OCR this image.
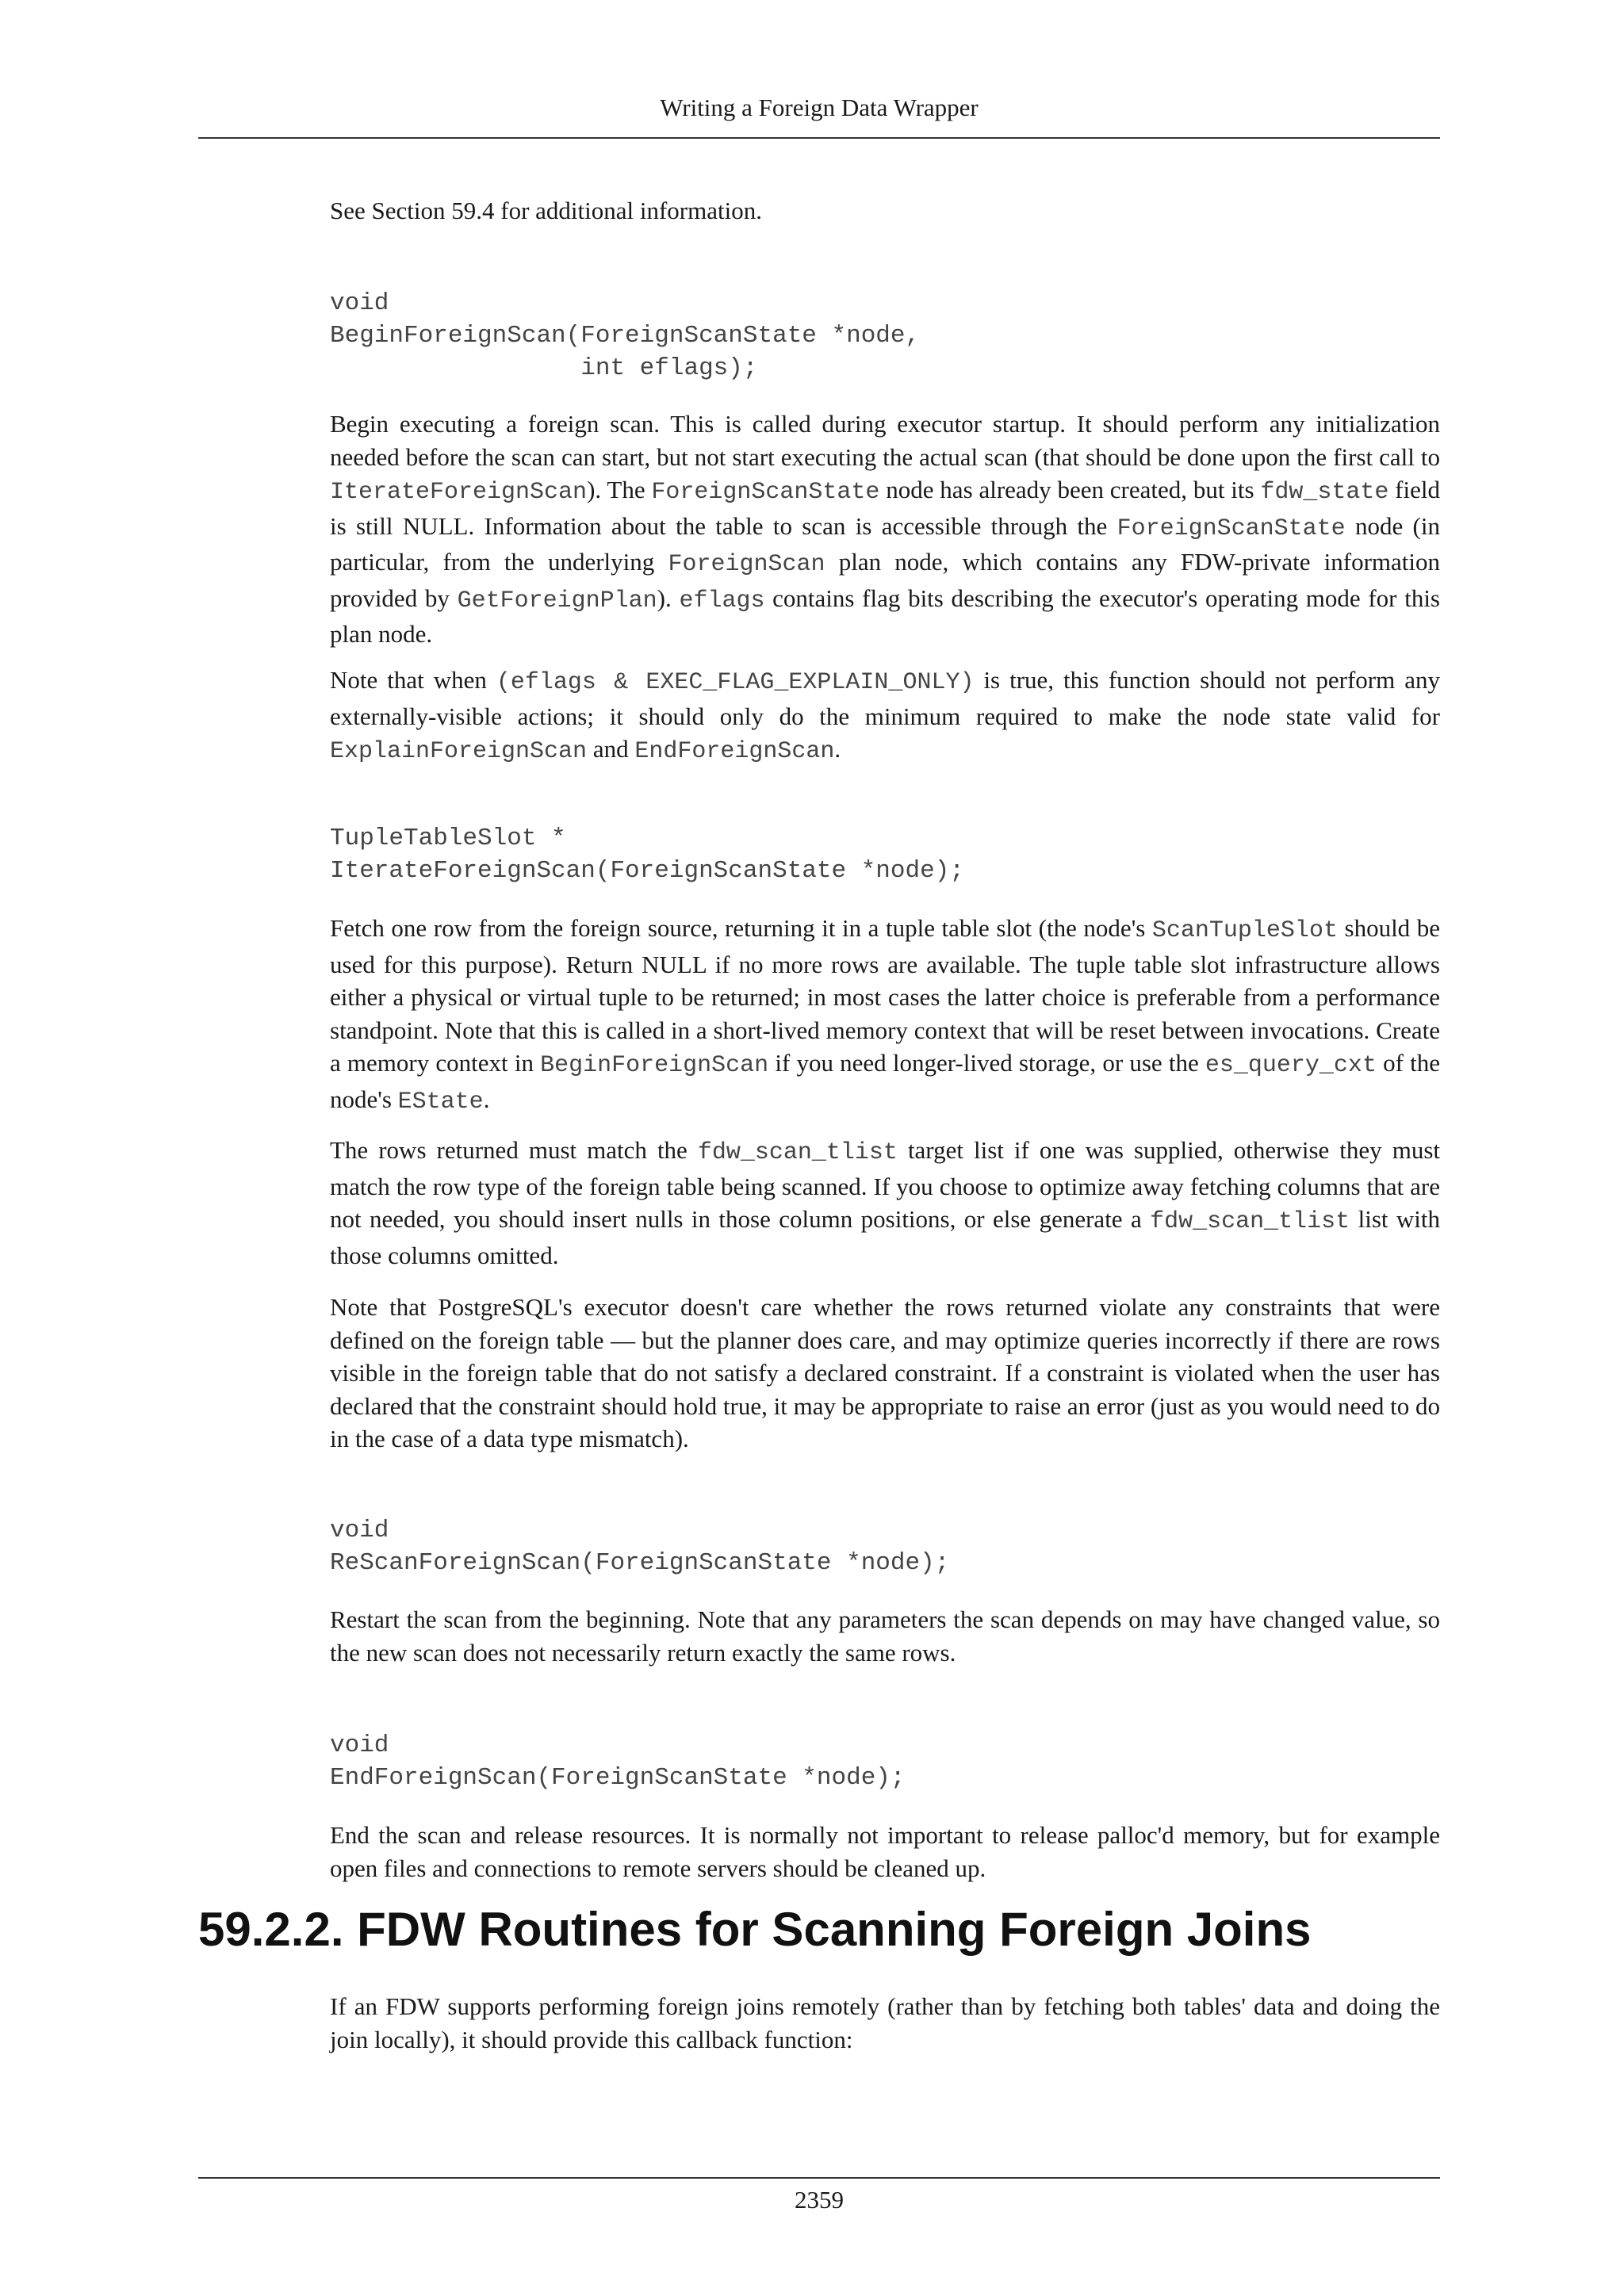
Writing a Foreign Data Wrapper

See Section 59.4 for additional information.

void
BeginForeignScan(ForeignScanState *node,
int eflags);

Begin executing a foreign scan. This is called during executor startup. It should perform any initialization needed before the scan can start, but not start executing the actual scan (that should be done upon the first call to IterateForeignScan). The ForeignScanState node has already been created, but its fdw_state field is still NULL. Information about the table to scan is accessible through the ForeignScanState node (in particular, from the underlying ForeignScan plan node, which contains any FDW-private information provided by GetForeignPlan). eflags contains flag bits describing the executor's operating mode for this plan node.

Note that when (eflags & EXEC_FLAG_EXPLAIN_ONLY) is true, this function should not perform any externally-visible actions; it should only do the minimum required to make the node state valid for ExplainForeignScan and EndForeignScan.

TupleTableSlot *
IterateForeignScan(ForeignScanState *node);

Fetch one row from the foreign source, returning it in a tuple table slot (the node's ScanTupleSlot should be used for this purpose). Return NULL if no more rows are available. The tuple table slot infrastructure allows either a physical or virtual tuple to be returned; in most cases the latter choice is preferable from a performance standpoint. Note that this is called in a short-lived memory context that will be reset between invocations. Create a memory context in BeginForeignScan if you need longer-lived storage, or use the es_query_cxt of the node's EState.

The rows returned must match the fdw_scan_tlist target list if one was supplied, otherwise they must match the row type of the foreign table being scanned. If you choose to optimize away fetching columns that are not needed, you should insert nulls in those column positions, or else generate a fdw_scan_tlist list with those columns omitted.

Note that PostgreSQL's executor doesn't care whether the rows returned violate any constraints that were defined on the foreign table — but the planner does care, and may optimize queries incorrectly if there are rows visible in the foreign table that do not satisfy a declared constraint. If a constraint is violated when the user has declared that the constraint should hold true, it may be appropriate to raise an error (just as you would need to do in the case of a data type mismatch).

void
ReScanForeignScan(ForeignScanState *node);

Restart the scan from the beginning. Note that any parameters the scan depends on may have changed value, so the new scan does not necessarily return exactly the same rows.

void
EndForeignScan(ForeignScanState *node);

End the scan and release resources. It is normally not important to release palloc'd memory, but for example open files and connections to remote servers should be cleaned up.

If an FDW supports performing foreign joins remotely (rather than by fetching both tables' data and doing the join locally), it should provide this callback function:

59.2.2. FDW Routines for Scanning Foreign Joins
2359
